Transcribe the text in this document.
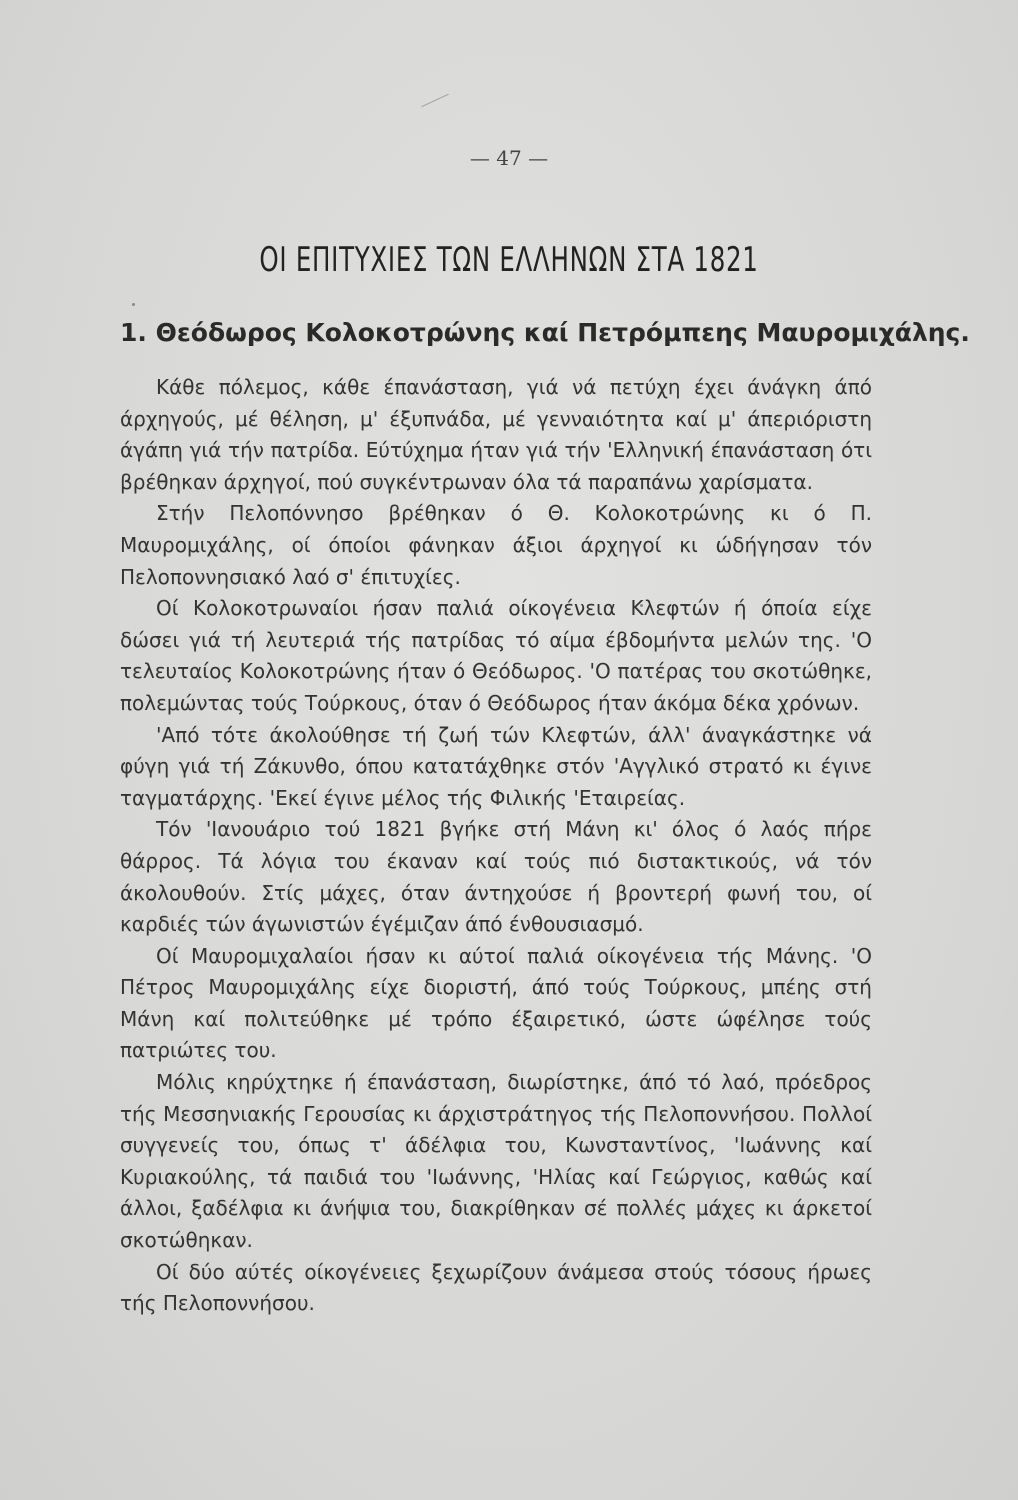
— 47 —
ΟΙ ΕΠΙΤΥΧΙΕΣ ΤΩΝ ΕΛΛΗΝΩΝ ΣΤΑ 1821
1. Θεόδωρος Κολοκοτρώνης καί Πετρόμπεης Μαυρομιχάλης.

Κάθε πόλεμος, κάθε έπανάσταση, γιά νά πετύχη έχει άνάγκη άπό άρχηγούς, μέ θέληση, μ' έξυπνάδα, μέ γενναιότητα καί μ' άπεριόριστη άγάπη γιά τήν πατρίδα. Εύτύχημα ήταν γιά τήν 'Ελληνική έπανάσταση ότι βρέθηκαν άρχηγοί, πού συγκέντρωναν όλα τά παραπάνω χαρίσματα.

Στήν Πελοπόννησο βρέθηκαν ό Θ. Κολοκοτρώνης κι ό Π. Μαυρομιχάλης, οί όποίοι φάνηκαν άξιοι άρχηγοί κι ώδήγησαν τόν Πελοποννησιακό λαό σ' έπιτυχίες.

Οί Κολοκοτρωναίοι ήσαν παλιά οίκογένεια Κλεφτών ή όποία είχε δώσει γιά τή λευτεριά τής πατρίδας τό αίμα έβδομήντα μελών της. 'Ο τελευταίος Κολοκοτρώνης ήταν ό Θεόδωρος. 'Ο πατέρας του σκοτώθηκε, πολεμώντας τούς Τούρκους, όταν ό Θεόδωρος ήταν άκόμα δέκα χρόνων.

'Από τότε άκολούθησε τή ζωή τών Κλεφτών, άλλ' άναγκάστηκε νά φύγη γιά τή Ζάκυνθο, όπου κατατάχθηκε στόν 'Αγγλικό στρατό κι έγινε ταγματάρχης. 'Εκεί έγινε μέλος τής Φιλικής 'Εταιρείας.

Τόν 'Ιανουάριο τού 1821 βγήκε στή Μάνη κι' όλος ό λαός πήρε θάρρος. Τά λόγια του έκαναν καί τούς πιό διστακτικούς, νά τόν άκολουθούν. Στίς μάχες, όταν άντηχούσε ή βροντερή φωνή του, οί καρδιές τών άγωνιστών έγέμιζαν άπό ένθουσιασμό.

Οί Μαυρομιχαλαίοι ήσαν κι αύτοί παλιά οίκογένεια τής Μάνης. 'Ο Πέτρος Μαυρομιχάλης είχε διοριστή, άπό τούς Τούρκους, μπέης στή Μάνη καί πολιτεύθηκε μέ τρόπο έξαιρετικό, ώστε ώφέλησε τούς πατριώτες του.

Μόλις κηρύχτηκε ή έπανάσταση, διωρίστηκε, άπό τό λαό, πρόεδρος τής Μεσσηνιακής Γερουσίας κι άρχιστράτηγος τής Πελοποννήσου. Πολλοί συγγενείς του, όπως τ' άδέλφια του, Κωνσταντίνος, 'Ιωάννης καί Κυριακούλης, τά παιδιά του 'Ιωάννης, 'Ηλίας καί Γεώργιος, καθώς καί άλλοι, ξαδέλφια κι άνήψια του, διακρίθηκαν σέ πολλές μάχες κι άρκετοί σκοτώθηκαν.

Οί δύο αύτές οίκογένειες ξεχωρίζουν άνάμεσα στούς τόσους ήρωες τής Πελοποννήσου.
